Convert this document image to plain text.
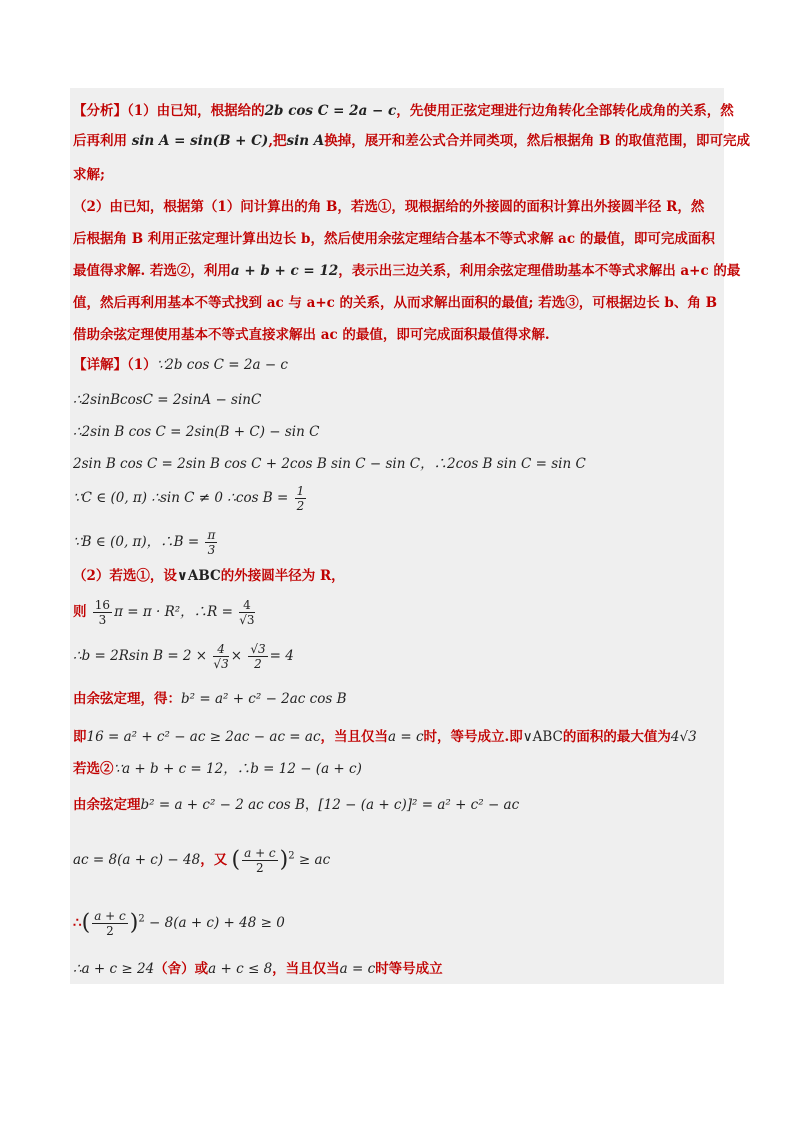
【分析】（1）由已知，根据给的2b cos C = 2a − c，先使用正弦定理进行边角转化全部转化成角的关系，然
后再利用 sin A = sin(B + C),把sin A换掉，展开和差公式合并同类项，然后根据角 B 的取值范围，即可完成
求解;
（2）由已知，根据第（1）问计算出的角 B，若选①，现根据给的外接圆的面积计算出外接圆半径 R，然
后根据角 B 利用正弦定理计算出边长 b，然后使用余弦定理结合基本不等式求解 ac 的最值，即可完成面积
最值得求解. 若选②，利用a + b + c = 12，表示出三边关系，利用余弦定理借助基本不等式求解出 a+c 的最
值，然后再利用基本不等式找到 ac 与 a+c 的关系，从而求解出面积的最值; 若选③，可根据边长 b、角 B
借助余弦定理使用基本不等式直接求解出 ac 的最值，即可完成面积最值得求解.
【详解】（1）∵2b cos C = 2a − c
∴2sinBcosC = 2sinA − sinC
∴2sin B cos C = 2sin(B + C) − sin C
2sin B cos C = 2sin B cos C + 2cos B sin C − sin C，∴2cos B sin C = sin C
∵C ∈ (0, π) ∴sin C ≠ 0 ∴cos $B = \frac{1}{2}$
∵B ∈ (0, π)，∴B = $\frac{\pi}{3}$
（2）若选①，设∨ABC的外接圆半径为 R，
则 $\frac{16}{3}$ π = π · R²，∴R = $\frac{4}{√3}$
∴b = 2Rsin $B = 2 \times \frac{4}{√3} \times \frac{√3}{2} = 4$
由余弦定理，得：b² = a² + c² − 2ac cos B
即16 = a² + c² − ac ≥ 2ac − ac = ac，当且仅当a = c时，等号成立.即∨ABC的面积的最大值为4√3
若选②∵a + b + c = 12，∴b = 12 − (a + c)
由余弦定理b² = a + c² − 2 ac cos B，[12 − (a + c)]² = a² + c² − ac
ac = 8(a + c) − 48，又 ( $\frac{a + c}{2} )^2$ ≥ ac
∴( $\frac{a + c}{2} )^2 - 8(a + c) + 48 \ge 0$
∴a + c ≥ 24（舍）或a + c ≤ 8，当且仅当a = c时等号成立
